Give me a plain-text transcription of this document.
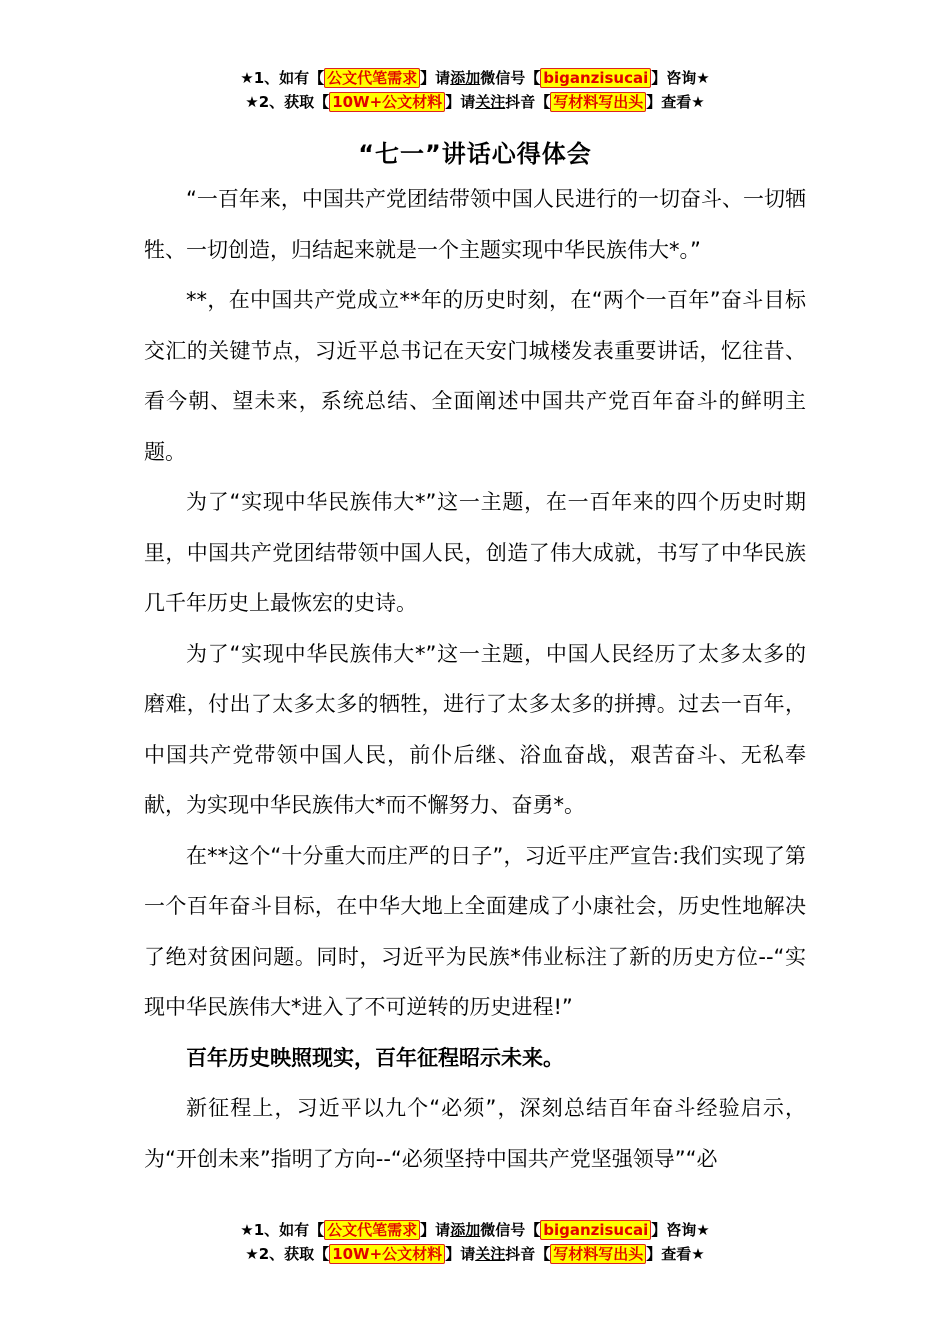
★1、如有【 公文代笔需求 】请添加微信号【 biganzisucai 】咨询★
★2、获取【 10W+公文材料 】请关注抖音【 写材料写出头 】查看★
“七一”讲话心得体会

“一百年来，中国共产党团结带领中国人民进行的一切奋斗、一切牺牲、一切创造，归结起来就是一个主题实现中华民族伟大*。”

**，在中国共产党成立**年的历史时刻，在“两个一百年”奋斗目标交汇的关键节点，习近平总书记在天安门城楼发表重要讲话，忆往昔、看今朝、望未来，系统总结、全面阐述中国共产党百年奋斗的鲜明主题。

为了“实现中华民族伟大*”这一主题，在一百年来的四个历史时期里，中国共产党团结带领中国人民，创造了伟大成就，书写了中华民族几千年历史上最恢宏的史诗。

为了“实现中华民族伟大*”这一主题，中国人民经历了太多太多的磨难，付出了太多太多的牺牲，进行了太多太多的拼搏。过去一百年，中国共产党带领中国人民，前仆后继、浴血奋战，艰苦奋斗、无私奉献，为实现中华民族伟大*而不懈努力、奋勇*。

在**这个“十分重大而庄严的日子”，习近平庄严宣告:我们实现了第一个百年奋斗目标，在中华大地上全面建成了小康社会，历史性地解决了绝对贫困问题。同时，习近平为民族*伟业标注了新的历史方位--“实现中华民族伟大*进入了不可逆转的历史进程!”

百年历史映照现实，百年征程昭示未来。

新征程上，习近平以九个“必须”，深刻总结百年奋斗经验启示，为“开创未来”指明了方向--“必须坚持中国共产党坚强领导”“必

★1、如有【 公文代笔需求 】请添加微信号【 biganzisucai 】咨询★
★2、获取【 10W+公文材料 】请关注抖音【 写材料写出头 】查看★
